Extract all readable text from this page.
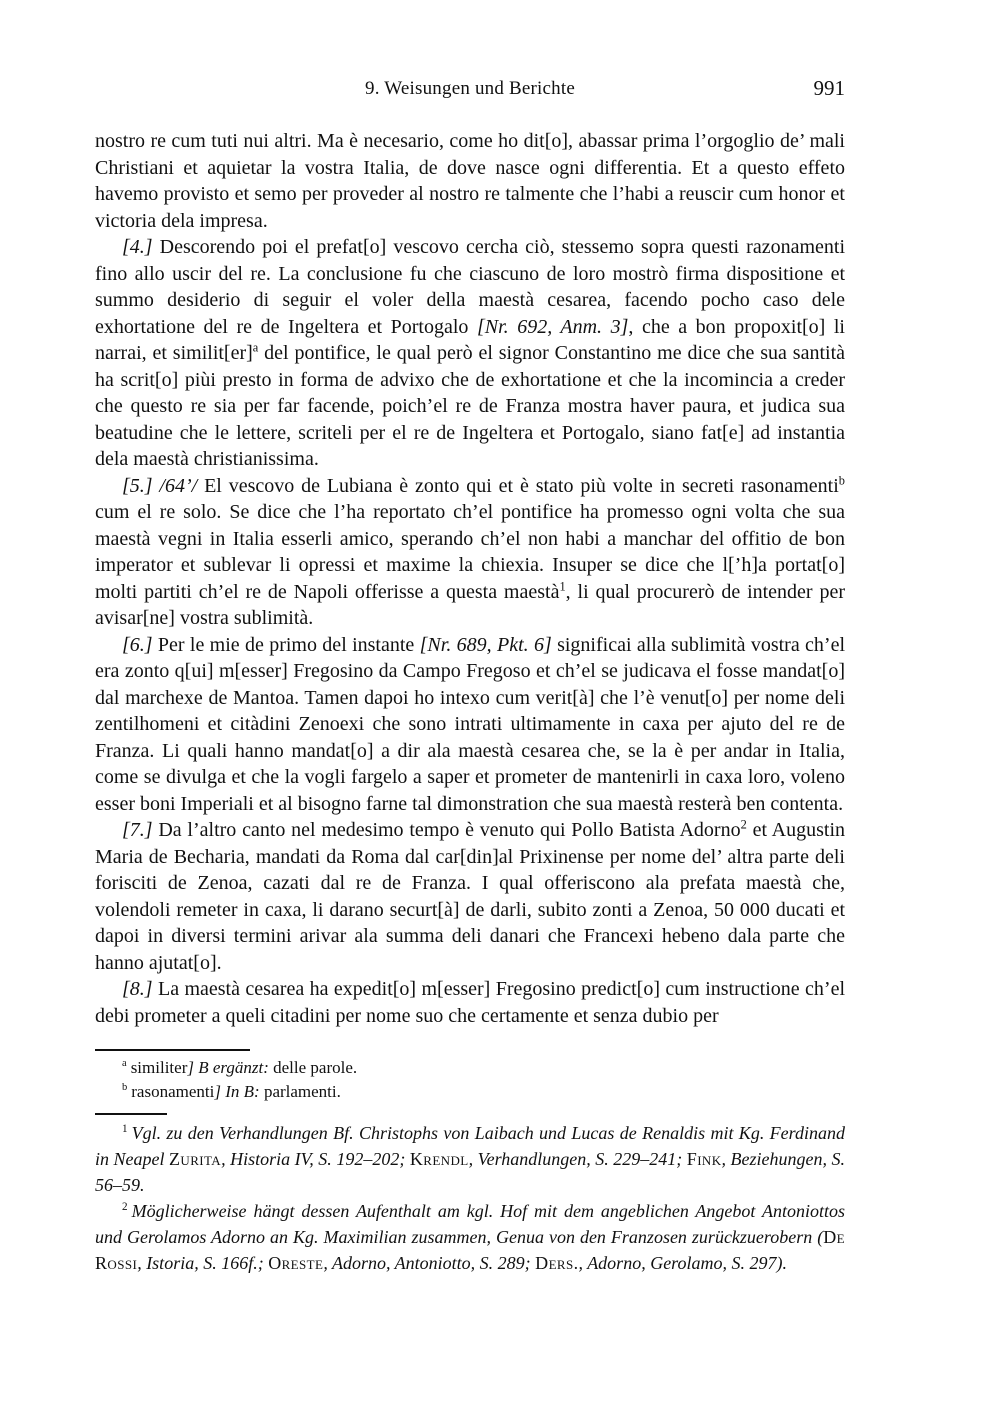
9. Weisungen und Berichte	991

nostro re cum tuti nui altri. Ma è necesario, come ho dit[o], abassar prima l’orgoglio de’ mali Christiani et aquietar la vostra Italia, de dove nasce ogni differentia. Et a questo effeto havemo provisto et semo per proveder al nostro re talmente che l’habi a reuscir cum honor et victoria dela impresa.

[4.] Descorendo poi el prefat[o] vescovo cercha ciò, stessemo sopra questi razonamenti fino allo uscir del re. La conclusione fu che ciascuno de loro mostrò firma dispositione et summo desiderio di seguir el voler della maestà cesarea, facendo pocho caso dele exhortatione del re de Ingeltera et Portogalo [Nr. 692, Anm. 3], che a bon propoxit[o] li narrai, et similit[er]$^a$ del pontifice, le qual però el signor Constantino me dice che sua santità ha scrit[o] piùi presto in forma de advixo che de exhortatione et che la incomincia a creder che questo re sia per far facende, poich’el re de Franza mostra haver paura, et judica sua beatudine che le lettere, scriteli per el re de Ingeltera et Portogalo, siano fat[e] ad instantia dela maestà christianissima.

[5.] /64’/ El vescovo de Lubiana è zonto qui et è stato più volte in secreti rasonamenti$^b$ cum el re solo. Se dice che l’ha reportato ch’el pontifice ha promesso ogni volta che sua maestà vegni in Italia esserli amico, sperando ch’el non habi a manchar del offitio de bon imperator et sublevar li opressi et maxime la chiexia. Insuper se dice che l[’h]a portat[o] molti partiti ch’el re de Napoli offerisse a questa maestà$^1$, li qual procurerò de intender per avisar[ne] vostra sublimità.

[6.] Per le mie de primo del instante [Nr. 689, Pkt. 6] significai alla sublimità vostra ch’el era zonto q[ui] m[esser] Fregosino da Campo Fregoso et ch’el se judicava el fosse mandat[o] dal marchexe de Mantoa. Tamen dapoi ho intexo cum verit[à] che l’è venut[o] per nome deli zentilhomeni et citàdini Zenoexi che sono intrati ultimamente in caxa per ajuto del re de Franza. Li quali hanno mandat[o] a dir ala maestà cesarea che, se la è per andar in Italia, come se divulga et che la vogli fargelo a saper et prometer de mantenirli in caxa loro, voleno esser boni Imperiali et al bisogno farne tal dimonstration che sua maestà resterà ben contenta.

[7.] Da l’altro canto nel medesimo tempo è venuto qui Pollo Batista Adorno$^2$ et Augustin Maria de Becharia, mandati da Roma dal car[din]al Prixinense per nome del’ altra parte deli forisciti de Zenoa, cazati dal re de Franza. I qual offeriscono ala prefata maestà che, volendoli remeter in caxa, li darano securt[à] de darli, subito zonti a Zenoa, 50 000 ducati et dapoi in diversi termini arivar ala summa deli danari che Francexi hebeno dala parte che hanno ajutat[o].

[8.] La maestà cesarea ha expedit[o] m[esser] Fregosino predict[o] cum instructione ch’el debi prometer a queli citadini per nome suo che certamente et senza dubio per

$^a$ similiter] B ergänzt: delle parole.

$^b$ rasonamenti] In B: parlamenti.

$^1$ Vgl. zu den Verhandlungen Bf. Christophs von Laibach und Lucas de Renaldis mit Kg. Ferdinand in Neapel Zurita, Historia IV, S. 192–202; Krendl, Verhandlungen, S. 229–241; Fink, Beziehungen, S. 56–59.

$^2$ Möglicherweise hängt dessen Aufenthalt am kgl. Hof mit dem angeblichen Angebot Antoniottos und Gerolamos Adorno an Kg. Maximilian zusammen, Genua von den Franzosen zurückzuerobern (De Rossi, Istoria, S. 166f.; Oreste, Adorno, Antoniotto, S. 289; Ders., Adorno, Gerolamo, S. 297).
